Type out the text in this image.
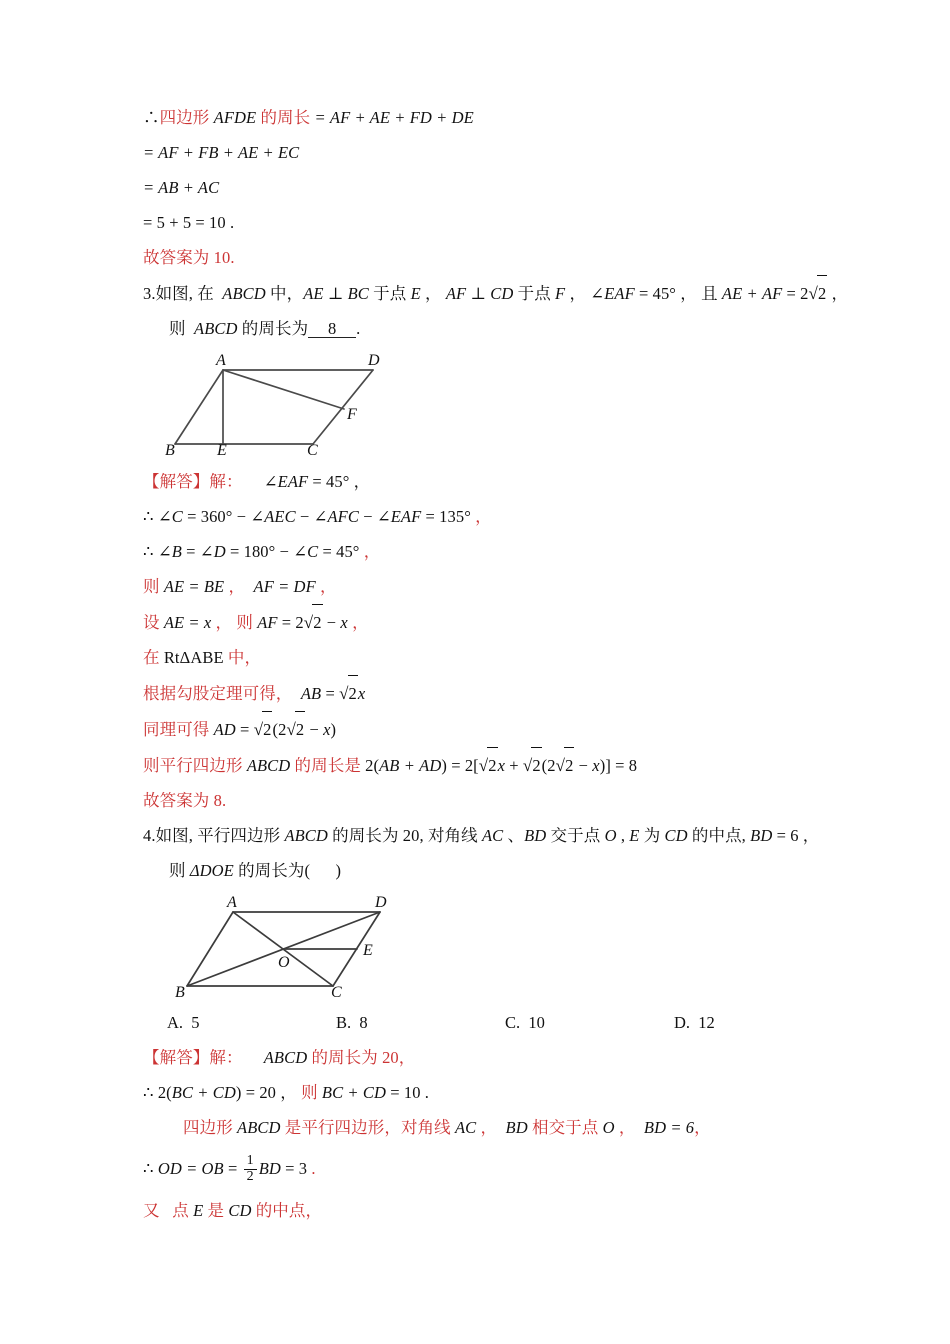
∴四边形 AFDE 的周长 = AF + AE + FD + DE
= AF + FB + AE + EC
= AB + AC
= 5 + 5 = 10 .
故答案为 10.
3.如图, 在  ABCD 中，AE ⊥ BC 于点 E ， AF ⊥ CD 于点 F ， ∠EAF = 45° ， 且 AE + AF = 2√2 ，
则  ABCD 的周长为 8 .
A	D
B	E	C
F
【解答】解： ∠EAF = 45° ，
∴ ∠C = 360° − ∠AEC − ∠AFC − ∠EAF = 135° ，
∴ ∠B = ∠D = 180° − ∠C = 45° ，
则 AE = BE ，  AF = DF ，
设 AE = x ， 则 AF = 2√2 − x ，
在 RtΔABE 中，
根据勾股定理可得，  AB = √2x
同理可得 AD = √2(2√2 − x)
则平行四边形 ABCD 的周长是 2(AB + AD) = 2[√2x + √2(2√2 − x)] = 8
故答案为 8.
4.如图, 平行四边形 ABCD 的周长为 20, 对角线 AC 、BD 交于点 O , E 为 CD 的中点, BD = 6 ，
则 ΔDOE 的周长为( )
A	D
B
O
E
C
A. 5	B. 8	C. 10	D. 12
【解答】解： ABCD 的周长为 20，
∴ 2(BC + CD) = 20 ， 则 BC + CD = 10 .
四边形 ABCD 是平行四边形，对角线 AC ，  BD 相交于点 O ，  BD = 6，
∴ OD = OB = $\frac{1}{2}$ BD = 3 .
又   点 E 是 CD 的中点，
